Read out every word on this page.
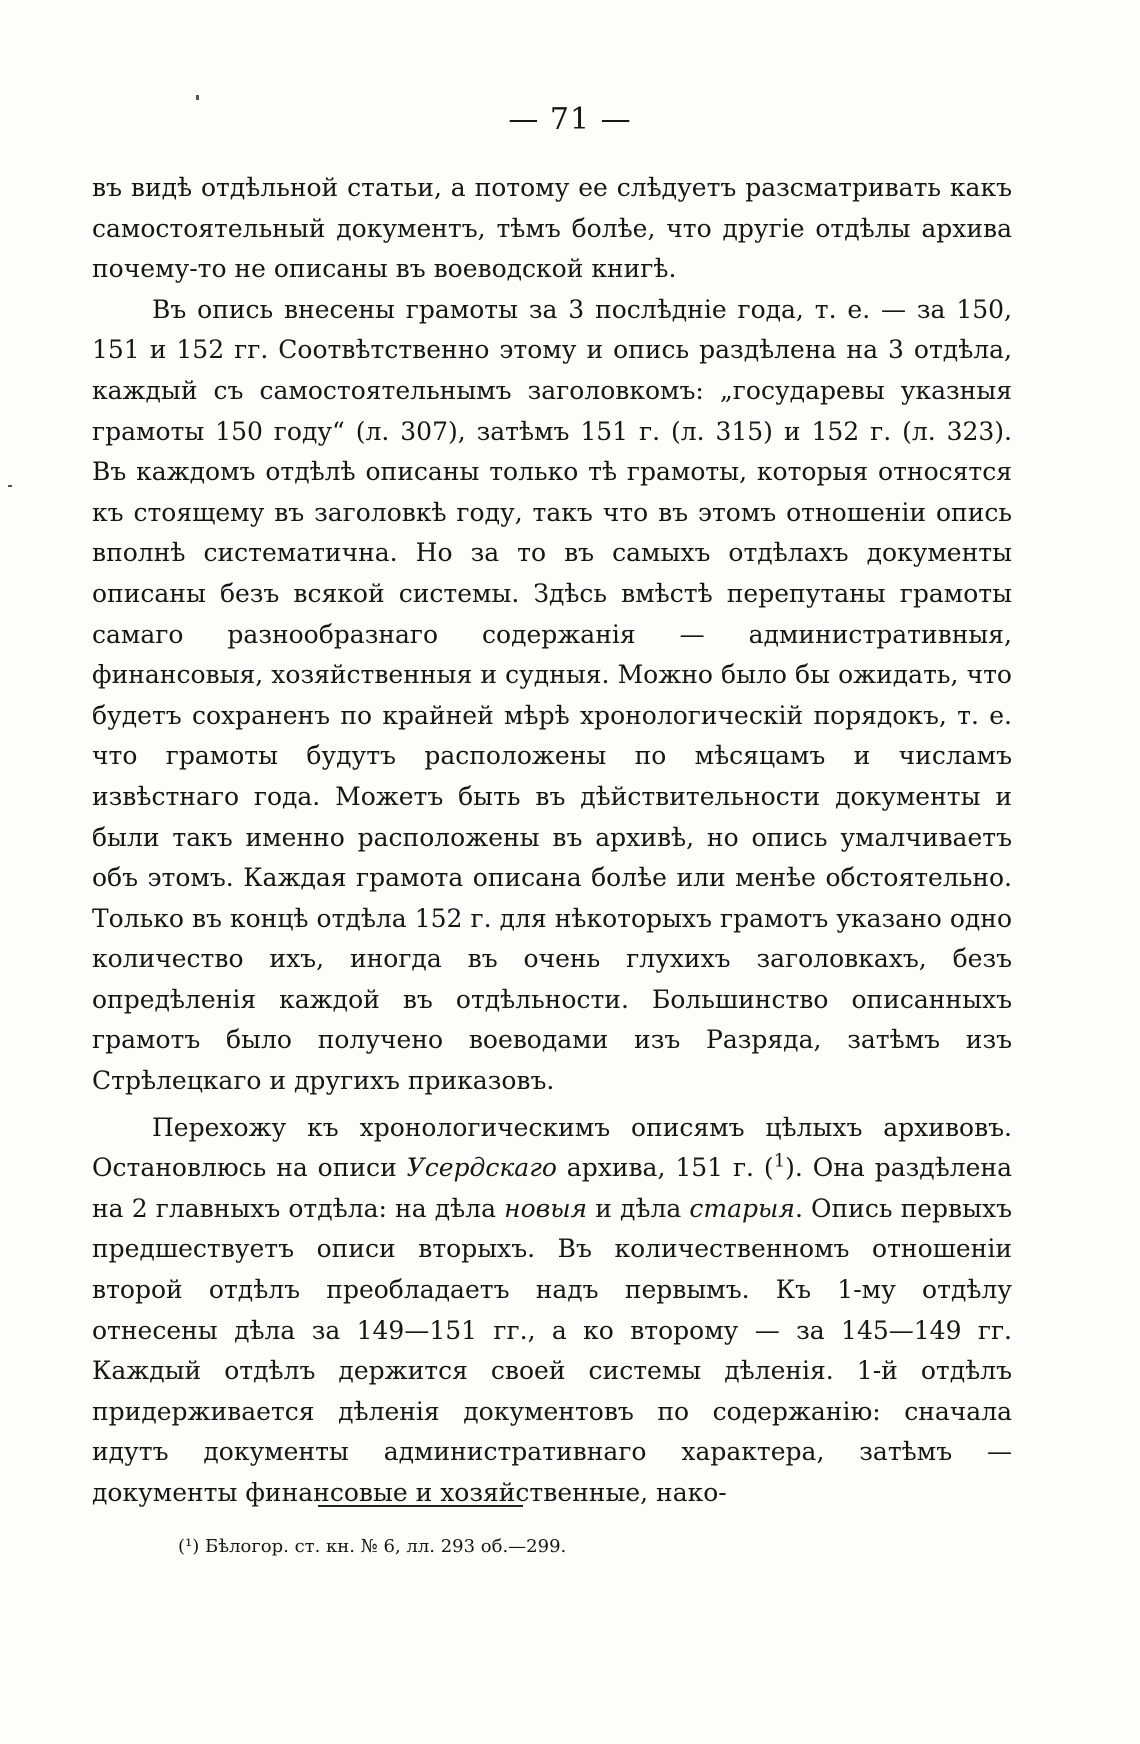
— 71 —

въ видѣ отдѣльной статьи, а потому ее слѣдуетъ разсматривать какъ самостоятельный документъ, тѣмъ болѣе, что другіе отдѣлы архива почему-то не описаны въ воеводской книгѣ.

Въ опись внесены грамоты за 3 послѣдніе года, т. е. — за 150, 151 и 152 гг. Соотвѣтственно этому и опись раздѣлена на 3 отдѣла, каждый съ самостоятельнымъ заголовкомъ: „государевы указныя грамоты 150 году“ (л. 307), затѣмъ 151 г. (л. 315) и 152 г. (л. 323). Въ каждомъ отдѣлѣ описаны только тѣ грамоты, которыя относятся къ стоящему въ заголовкѣ году, такъ что въ этомъ отношеніи опись вполнѣ систематична. Но за то въ самыхъ отдѣлахъ документы описаны безъ всякой системы. Здѣсь вмѣстѣ перепутаны грамоты самаго разнообразнаго содержанія — административныя, финансовыя, хозяйственныя и судныя. Можно было бы ожидать, что будетъ сохраненъ по крайней мѣрѣ хронологическій порядокъ, т. е. что грамоты будутъ расположены по мѣсяцамъ и числамъ извѣстнаго года. Можетъ быть въ дѣйствительности документы и были такъ именно расположены въ архивѣ, но опись умалчиваетъ объ этомъ. Каждая грамота описана болѣе или менѣе обстоятельно. Только въ концѣ отдѣла 152 г. для нѣкоторыхъ грамотъ указано одно количество ихъ, иногда въ очень глухихъ заголовкахъ, безъ опредѣленія каждой въ отдѣльности. Большинство описанныхъ грамотъ было получено воеводами изъ Разряда, затѣмъ изъ Стрѣлецкаго и другихъ приказовъ.

Перехожу къ хронологическимъ описямъ цѣлыхъ архивовъ. Остановлюсь на описи Усердскаго архива, 151 г. ($^1$). Она раздѣлена на 2 главныхъ отдѣла: на дѣла новыя и дѣла старыя. Опись первыхъ предшествуетъ описи вторыхъ. Въ количественномъ отношеніи второй отдѣлъ преобладаетъ надъ первымъ. Къ 1-му отдѣлу отнесены дѣла за 149—151 гг., а ко второму — за 145—149 гг. Каждый отдѣлъ держится своей системы дѣленія. 1-й отдѣлъ придерживается дѣленія документовъ по содержанію: сначала идутъ документы административнаго характера, затѣмъ — документы финансовые и хозяйственные, нако-

(¹) Бѣлогор. ст. кн. № 6, лл. 293 об.—299.
